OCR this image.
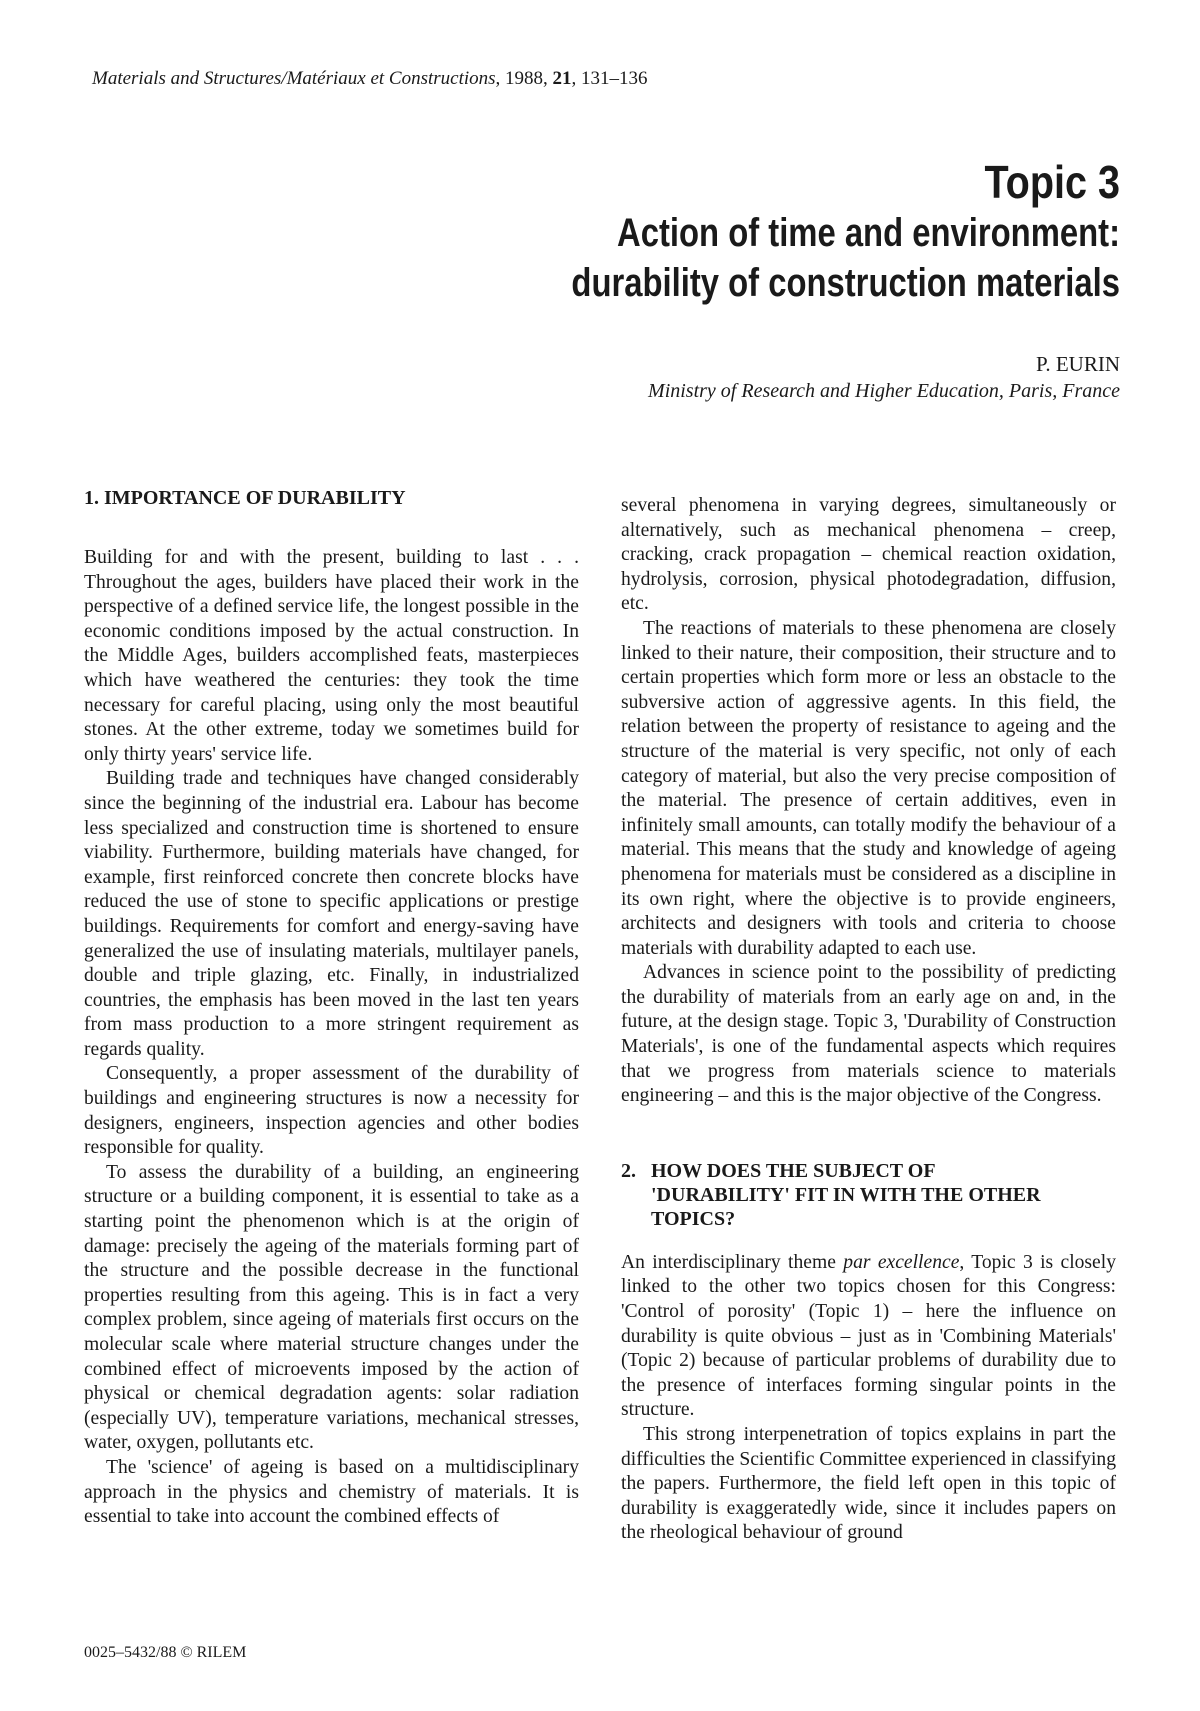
Materials and Structures/Matériaux et Constructions, 1988, 21, 131–136
Topic 3
Action of time and environment:
durability of construction materials
P. EURIN
Ministry of Research and Higher Education, Paris, France
1. IMPORTANCE OF DURABILITY

Building for and with the present, building to last . . . Throughout the ages, builders have placed their work in the perspective of a defined service life, the longest possible in the economic conditions imposed by the actual construction. In the Middle Ages, builders accomplished feats, masterpieces which have weathered the centuries: they took the time necessary for careful placing, using only the most beautiful stones. At the other extreme, today we sometimes build for only thirty years' service life.

Building trade and techniques have changed considerably since the beginning of the industrial era. Labour has become less specialized and construction time is shortened to ensure viability. Furthermore, building materials have changed, for example, first reinforced concrete then concrete blocks have reduced the use of stone to specific applications or prestige buildings. Requirements for comfort and energy-saving have generalized the use of insulating materials, multilayer panels, double and triple glazing, etc. Finally, in industrialized countries, the emphasis has been moved in the last ten years from mass production to a more stringent requirement as regards quality.

Consequently, a proper assessment of the durability of buildings and engineering structures is now a necessity for designers, engineers, inspection agencies and other bodies responsible for quality.

To assess the durability of a building, an engineering structure or a building component, it is essential to take as a starting point the phenomenon which is at the origin of damage: precisely the ageing of the materials forming part of the structure and the possible decrease in the functional properties resulting from this ageing. This is in fact a very complex problem, since ageing of materials first occurs on the molecular scale where material structure changes under the combined effect of microevents imposed by the action of physical or chemical degradation agents: solar radiation (especially UV), temperature variations, mechanical stresses, water, oxygen, pollutants etc.

The 'science' of ageing is based on a multidisciplinary approach in the physics and chemistry of materials. It is essential to take into account the combined effects of

several phenomena in varying degrees, simultaneously or alternatively, such as mechanical phenomena – creep, cracking, crack propagation – chemical reaction oxidation, hydrolysis, corrosion, physical photodegradation, diffusion, etc.

The reactions of materials to these phenomena are closely linked to their nature, their composition, their structure and to certain properties which form more or less an obstacle to the subversive action of aggressive agents. In this field, the relation between the property of resistance to ageing and the structure of the material is very specific, not only of each category of material, but also the very precise composition of the material. The presence of certain additives, even in infinitely small amounts, can totally modify the behaviour of a material. This means that the study and knowledge of ageing phenomena for materials must be considered as a discipline in its own right, where the objective is to provide engineers, architects and designers with tools and criteria to choose materials with durability adapted to each use.

Advances in science point to the possibility of predicting the durability of materials from an early age on and, in the future, at the design stage. Topic 3, 'Durability of Construction Materials', is one of the fundamental aspects which requires that we progress from materials science to materials engineering – and this is the major objective of the Congress.

2. HOW DOES THE SUBJECT OF
'DURABILITY' FIT IN WITH THE OTHER
TOPICS?

An interdisciplinary theme par excellence, Topic 3 is closely linked to the other two topics chosen for this Congress: 'Control of porosity' (Topic 1) – here the influence on durability is quite obvious – just as in 'Combining Materials' (Topic 2) because of particular problems of durability due to the presence of interfaces forming singular points in the structure.

This strong interpenetration of topics explains in part the difficulties the Scientific Committee experienced in classifying the papers. Furthermore, the field left open in this topic of durability is exaggeratedly wide, since it includes papers on the rheological behaviour of ground

0025–5432/88 © RILEM
